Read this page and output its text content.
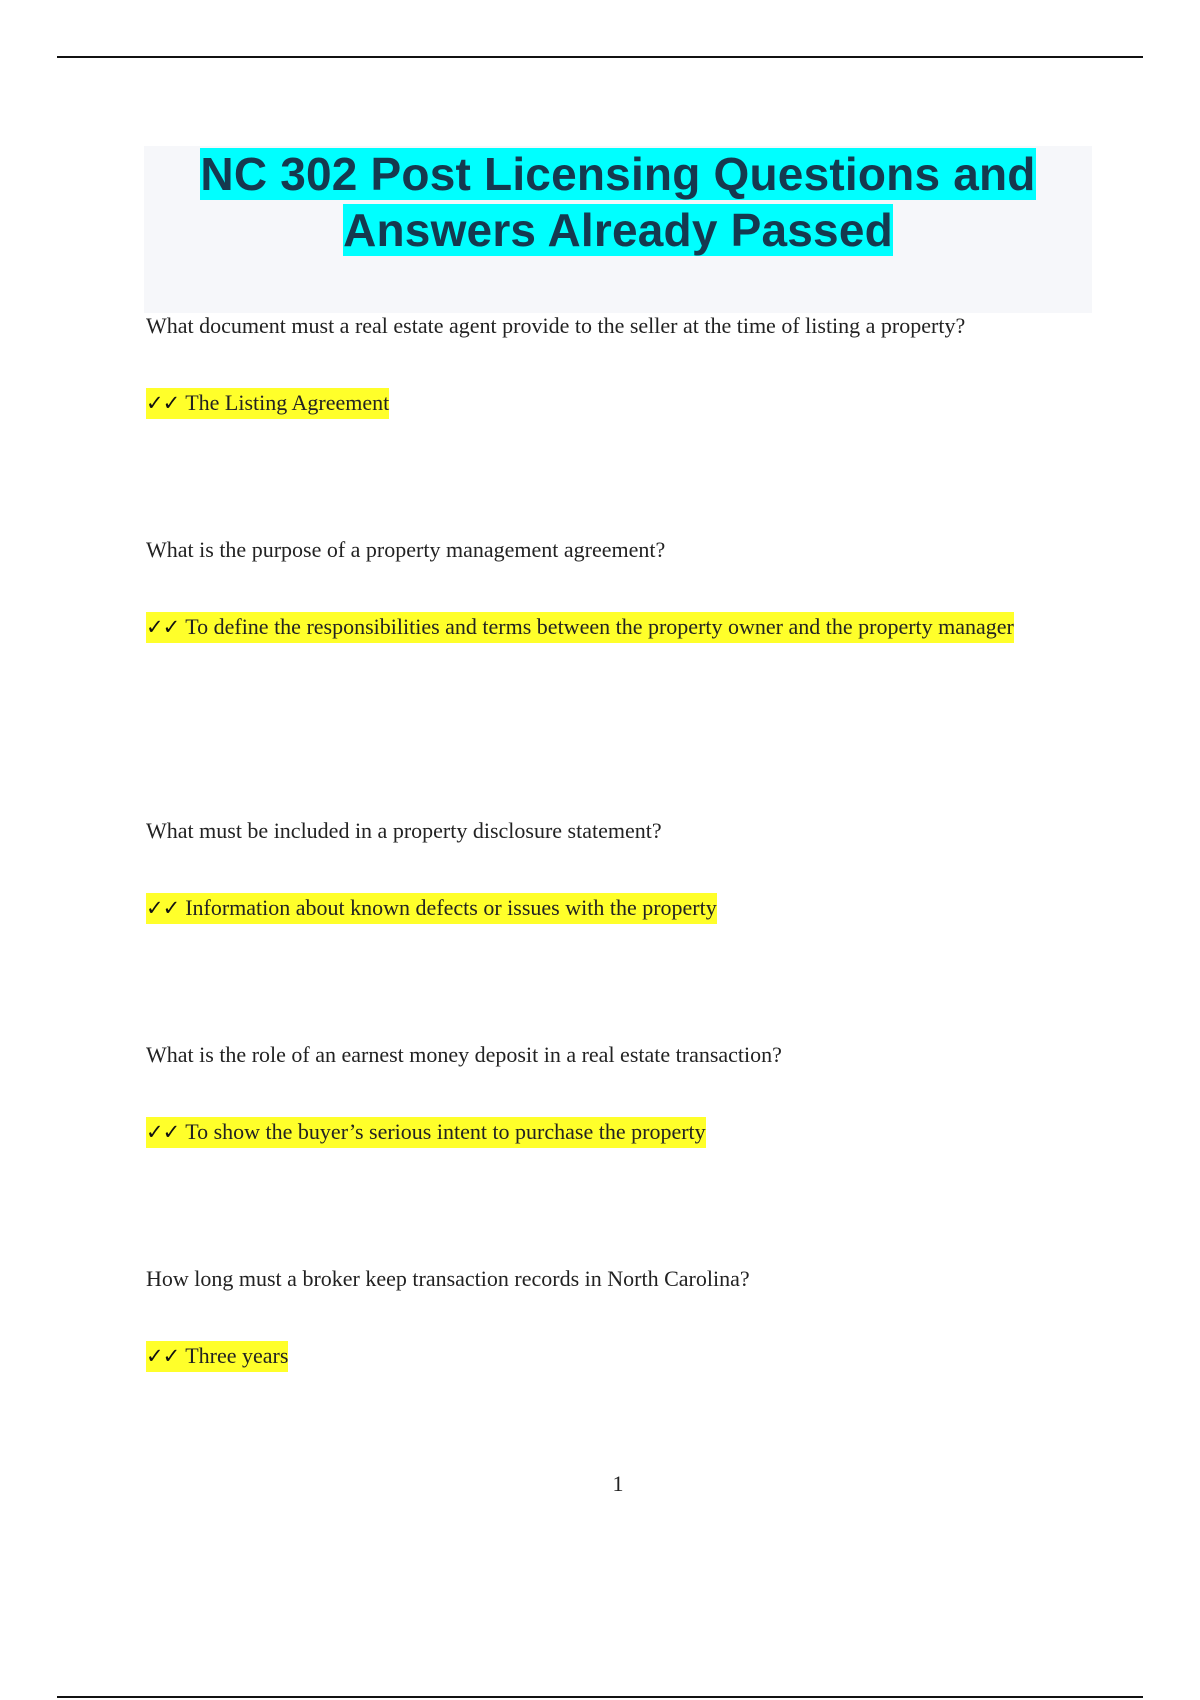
NC 302 Post Licensing Questions and
Answers Already Passed
What document must a real estate agent provide to the seller at the time of listing a property?
✓✓ The Listing Agreement
What is the purpose of a property management agreement?
✓✓ To define the responsibilities and terms between the property owner and the property manager
What must be included in a property disclosure statement?
✓✓ Information about known defects or issues with the property
What is the role of an earnest money deposit in a real estate transaction?
✓✓ To show the buyer’s serious intent to purchase the property
How long must a broker keep transaction records in North Carolina?
✓✓ Three years
1
